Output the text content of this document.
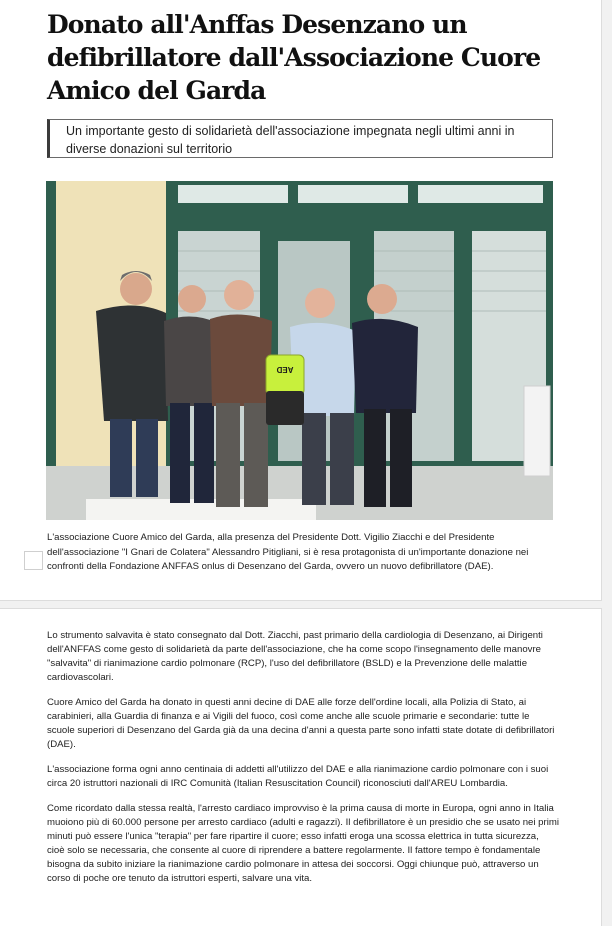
Donato all'Anffas Desenzano un defibrillatore dall'Associazione Cuore Amico del Garda
Un importante gesto di solidarietà dell'associazione impegnata negli ultimi anni in diverse donazioni sul territorio
AED
L'associazione Cuore Amico del Garda, alla presenza del Presidente Dott. Vigilio Ziacchi e del Presidente dell'associazione "I Gnari de Colatera" Alessandro Pitigliani, si è resa protagonista di un'importante donazione nei confronti della Fondazione ANFFAS onlus di Desenzano del Garda, ovvero un nuovo defibrillatore (DAE).

Lo strumento salvavita è stato consegnato dal Dott. Ziacchi, past primario della cardiologia di Desenzano, ai Dirigenti dell'ANFFAS come gesto di solidarietà da parte dell'associazione, che ha come scopo l'insegnamento delle manovre "salvavita" di rianimazione cardio polmonare (RCP), l'uso del defibrillatore (BSLD) e la Prevenzione delle malattie cardiovascolari.

Cuore Amico del Garda ha donato in questi anni decine di DAE alle forze dell'ordine locali, alla Polizia di Stato, ai carabinieri, alla Guardia di finanza e ai Vigili del fuoco, così come anche alle scuole primarie e secondarie: tutte le scuole superiori di Desenzano del Garda già da una decina d'anni a questa parte sono infatti state dotate di defibrillatori (DAE).

L'associazione forma ogni anno centinaia di addetti all'utilizzo del DAE e alla rianimazione cardio polmonare con i suoi circa 20 istruttori nazionali di IRC Comunità (Italian Resuscitation Council) riconosciuti dall'AREU Lombardia.

Come ricordato dalla stessa realtà, l'arresto cardiaco improvviso è la prima causa di morte in Europa, ogni anno in Italia muoiono più di 60.000 persone per arresto cardiaco (adulti e ragazzi). Il defibrillatore è un presidio che se usato nei primi minuti può essere l'unica "terapia" per fare ripartire il cuore; esso infatti eroga una scossa elettrica in tutta sicurezza, cioè solo se necessaria, che consente al cuore di riprendere a battere regolarmente. Il fattore tempo è fondamentale bisogna da subito iniziare la rianimazione cardio polmonare in attesa dei soccorsi. Oggi chiunque può, attraverso un corso di poche ore tenuto da istruttori esperti, salvare una vita.
